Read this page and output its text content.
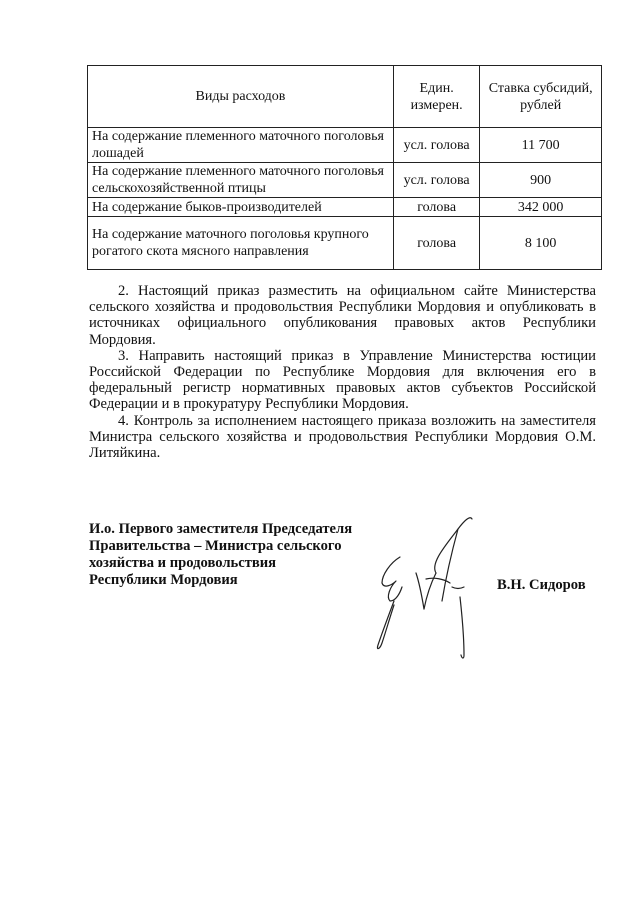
Виды расходов	Един. измерен.	Ставка субсидий, рублей
На содержание племенного маточного поголовья лошадей	усл. голова	11 700
На содержание племенного маточного поголовья сельскохозяйственной птицы	усл. голова	900
На содержание быков-производителей	голова	342 000
На содержание маточного поголовья крупного рогатого скота мясного направления	голова	8 100

2. Настоящий приказ разместить на официальном сайте Министерства сельского хозяйства и продовольствия Республики Мордовия и опубликовать в источниках официального опубликования правовых актов Республики Мордовия.

3. Направить настоящий приказ в Управление Министерства юстиции Российской Федерации по Республике Мордовия для включения его в федеральный регистр нормативных правовых актов субъектов Российской Федерации и в прокуратуру Республики Мордовия.

4. Контроль за исполнением настоящего приказа возложить на заместителя Министра сельского хозяйства и продовольствия Республики Мордовия О.М. Литяйкина.

И.о. Первого заместителя Председателя
Правительства – Министра сельского
хозяйства и продовольствия
Республики Мордовия	В.Н. Сидоров
